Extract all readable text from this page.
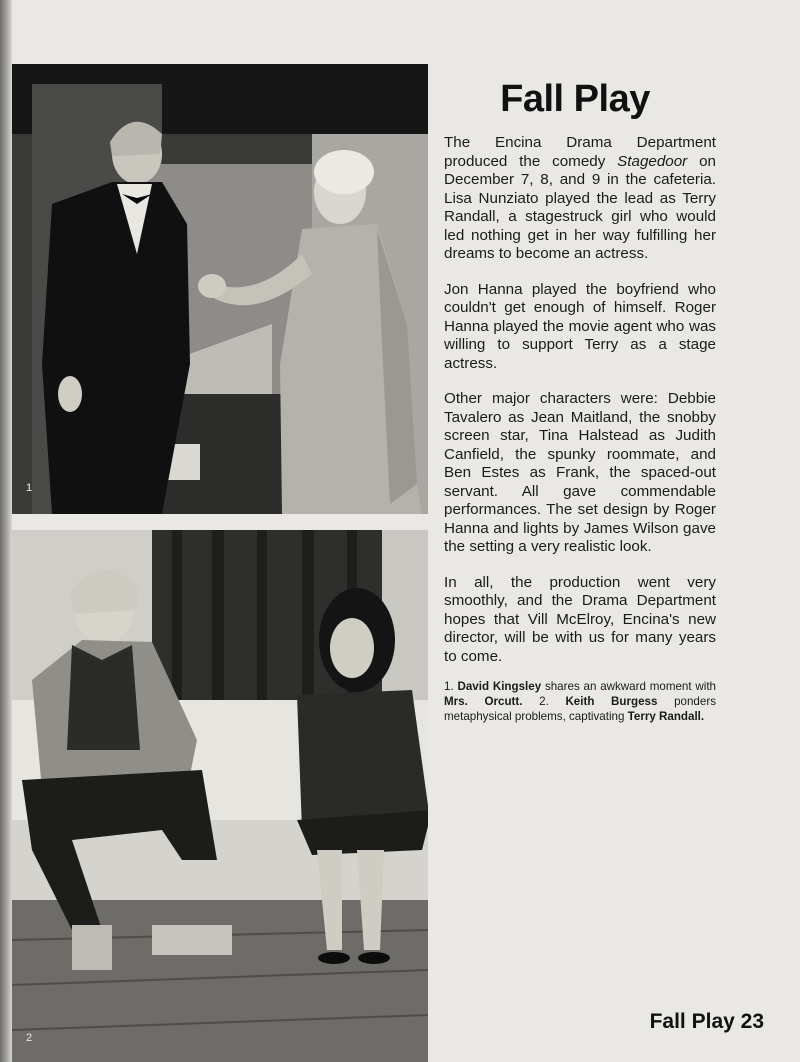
1
2
Fall Play

The Encina Drama Department produced the comedy Stagedoor on December 7, 8, and 9 in the cafeteria. Lisa Nunziato played the lead as Terry Randall, a stagestruck girl who would led nothing get in her way fulfilling her dreams to become an actress.

Jon Hanna played the boyfriend who couldn't get enough of himself. Roger Hanna played the movie agent who was willing to support Terry as a stage actress.

Other major characters were: Debbie Tavalero as Jean Maitland, the snobby screen star, Tina Halstead as Judith Canfield, the spunky roommate, and Ben Estes as Frank, the spaced-out servant. All gave commendable performances. The set design by Roger Hanna and lights by James Wilson gave the setting a very realistic look.

In all, the production went very smoothly, and the Drama Department hopes that Vill McElroy, Encina's new director, will be with us for many years to come.

1. David Kingsley shares an awkward moment with Mrs. Orcutt. 2. Keith Burgess ponders metaphysical problems, captivating Terry Randall.
Fall Play 23
